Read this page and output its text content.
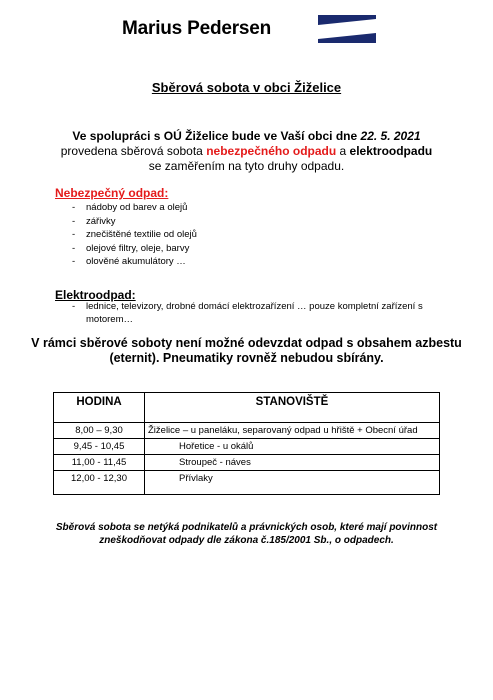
Marius Pedersen
Sběrová sobota v obci Žiželice
Ve spolupráci s OÚ Žiželice bude ve Vaší obci dne 22. 5. 2021
provedena sběrová sobota nebezpečného odpadu a elektroodpadu
se zaměřením na tyto druhy odpadu.
Nebezpečný odpad:
- nádoby od barev a olejů
- zářivky
- znečištěné textilie od olejů
- olejové filtry, oleje, barvy
- olověné akumulátory …
Elektroodpad:
- lednice, televizory, drobné domácí elektrozařízení … pouze kompletní zařízení s motorem…
V rámci sběrové soboty není možné odevzdat odpad s obsahem azbestu (eternit). Pneumatiky rovněž nebudou sbírány.
HODINA	STANOVIŠTĚ
8,00 – 9,30	Žiželice – u paneláku, separovaný odpad u hřiště + Obecní úřad
9,45 - 10,45	Hořetice - u okálů
11,00 - 11,45	Stroupeč - náves
12,00 - 12,30	Přívlaky
Sběrová sobota se netýká podnikatelů a právnických osob, které mají povinnost zneškodňovat odpady dle zákona č.185/2001 Sb., o odpadech.
